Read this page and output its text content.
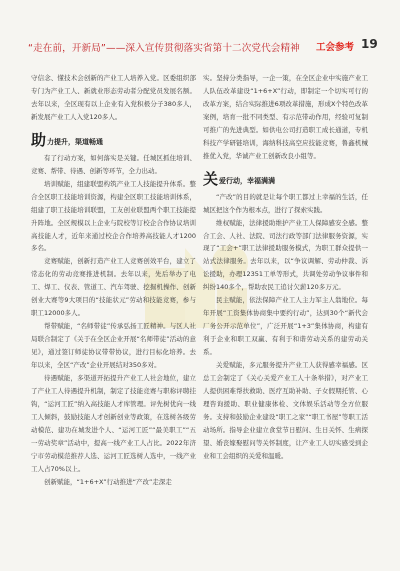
“走在前，开新局”——深入宣传贯彻落实省第十二次党代会精神 工会参考 19

守信念、懂技术会创新的产业工人培养入党。区委组织部专门为产业工人、新就业形态劳动者分配党员发展名额。去年以来，全区现有以上企业有入党积极分子380多人，新发展产业工人入党120多人。

助 力提升，渠道畅通

有了行动方案，如何落实是关键。任城区抓住培训、竞赛、帮带、待遇、创新等环节，全力出动。

培训赋能，组建联盟构筑产业工人技能提升体系。整合全区职工技能培训资源，构建全区职工技能培训体系，组建了职工技能培训联盟，工友创业联盟两个职工技能提升阵地。全区规模以上企业与院校等订校企合作协议培训高技能人才，近年来通过校企合作培养高技能人才1200多名。

竞赛赋能，创新打造产业工人竞赛创效平台，建立了常态化的劳动竞赛推进机制。去年以来，先后举办了电工、焊工、仪表、管道工、汽车驾驶、挖掘机操作、创新创业大赛等9大项目的“技能状元”劳动和技能竞赛，参与职工12000多人。

帮带赋能，“名师带徒”传承弘扬工匠精神。与区人社局联合制定了《关于在全区企业开展“名师带徒”活动的意见》，通过签订师徒协议带带协议，进行目标化培养。去年以来，全区“产改”企业开展结对350多对。

待遇赋能，多渠道开拓提升产业工人社会地位，建立了产业工人待遇提升机制，制定了技能竞赛与职称评聘挂钩，“运河工匠”纳入高技能人才库管理。评先树优向一线工人倾斜，鼓励技能人才创新创业等政策，在选树各级劳动模范、建功在城发进个人、“运河工匠”“最美职工”“五一劳动奖章”活动中，提高一线产业工人占比。2022年济宁市劳动模范推荐人选、运河工匠选树人选中，一线产业工人占70%以上。

创新赋能，“1+6+X”行动推进“产改”走深走

实。坚持分类指导，一企一策，在全区企业中实施产业工人队伍改革建设“1+6+X”行动，即制定一个切实可行的改革方案，结合实际推进6项改革措施，形成X个特色改革案例，培育一批不同类型、有示范带动作用，经验可复制可推广的先进典型。如供电公司打造职工成长通道，专机科技产学研链培训，海纳科技高空应技能竞赛，鲁鑫机械推优入党，华诚产业工创新改良小组等。

关 爱行动，幸福满满

“产改”的目的就是让每个职工都过上幸福的生活，任城区把这个作为根本点，进行了探索实践。

维权赋能，法律援助维护产业工人保障感安全感。整合工会、人社、法院、司法行政等部门法律服务资源，实现了“工会+”职工法律援助服务模式，为职工群众提供一站式法律服务。去年以来，以“争议调解、劳动仲裁、诉讼援助，办理12351工单等形式，共调处劳动争议事件和纠纷140多个，帮助农民工追讨欠薪120多万元。

民主赋能，依法保障产业工人主力军主人翁地位。每年开展“工资集体协商集中要约行动”，达到30个“新代会厂务公开示范单位”，广泛开展“1+3”集体协商，构建有利于企业和职工双赢、有利于和谐劳动关系的建劳动关系。

关爱赋能，多元服务提升产业工人获得感幸福感。区总工会制定了《关心关爱产业工人十条举措》，对产业工人提供困难帮扶救助、医疗互助补助、子女假期托管、心理咨询援助、职业健康体检、文体娱乐活动等全方位服务。支持和鼓励企业建设“职工之家”“职工书屋”等职工活动场所。指导企业建立食堂节日慰问、生日关怀、生病探望、婚丧嫁娶慰问等关怀制度，让产业工人切实感受到企业和工会组织的关爱和温暖。
